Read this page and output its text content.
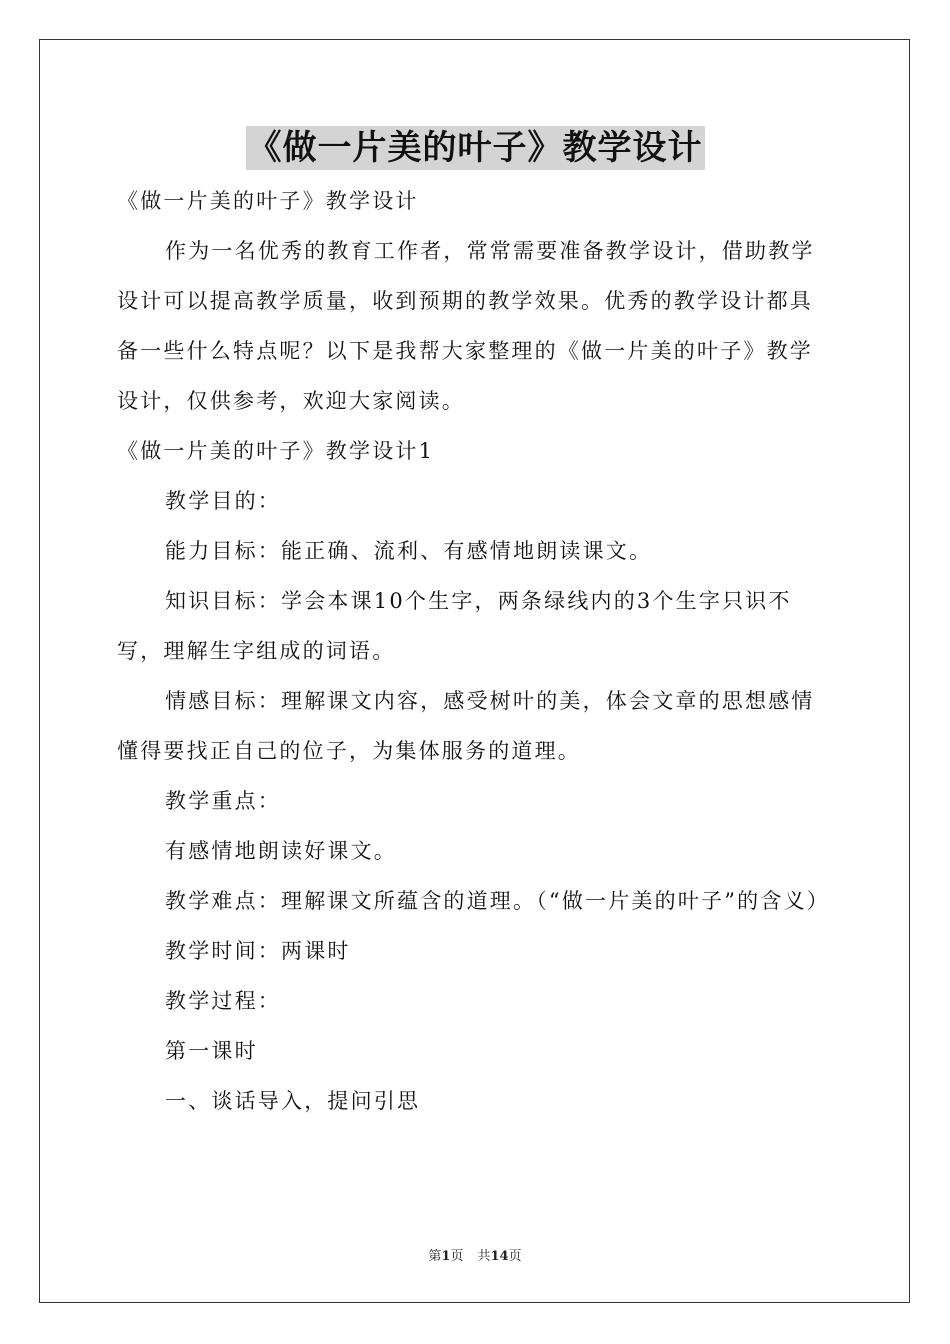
《做一片美的叶子》教学设计

《做一片美的叶子》教学设计

作为一名优秀的教育工作者，常常需要准备教学设计，借助教学设计可以提高教学质量，收到预期的教学效果。优秀的教学设计都具备一些什么特点呢？以下是我帮大家整理的《做一片美的叶子》教学设计，仅供参考，欢迎大家阅读。

《做一片美的叶子》教学设计1

教学目的：

能力目标：能正确、流利、有感情地朗读课文。

知识目标：学会本课10个生字，两条绿线内的3个生字只识不写，理解生字组成的词语。

情感目标：理解课文内容，感受树叶的美，体会文章的思想感情懂得要找正自己的位子，为集体服务的道理。

教学重点：

有感情地朗读好课文。

教学难点：理解课文所蕴含的道理。（“做一片美的叶子”的含义）

教学时间：两课时

教学过程：

第一课时

一、谈话导入，提问引思

第1页 共14页
